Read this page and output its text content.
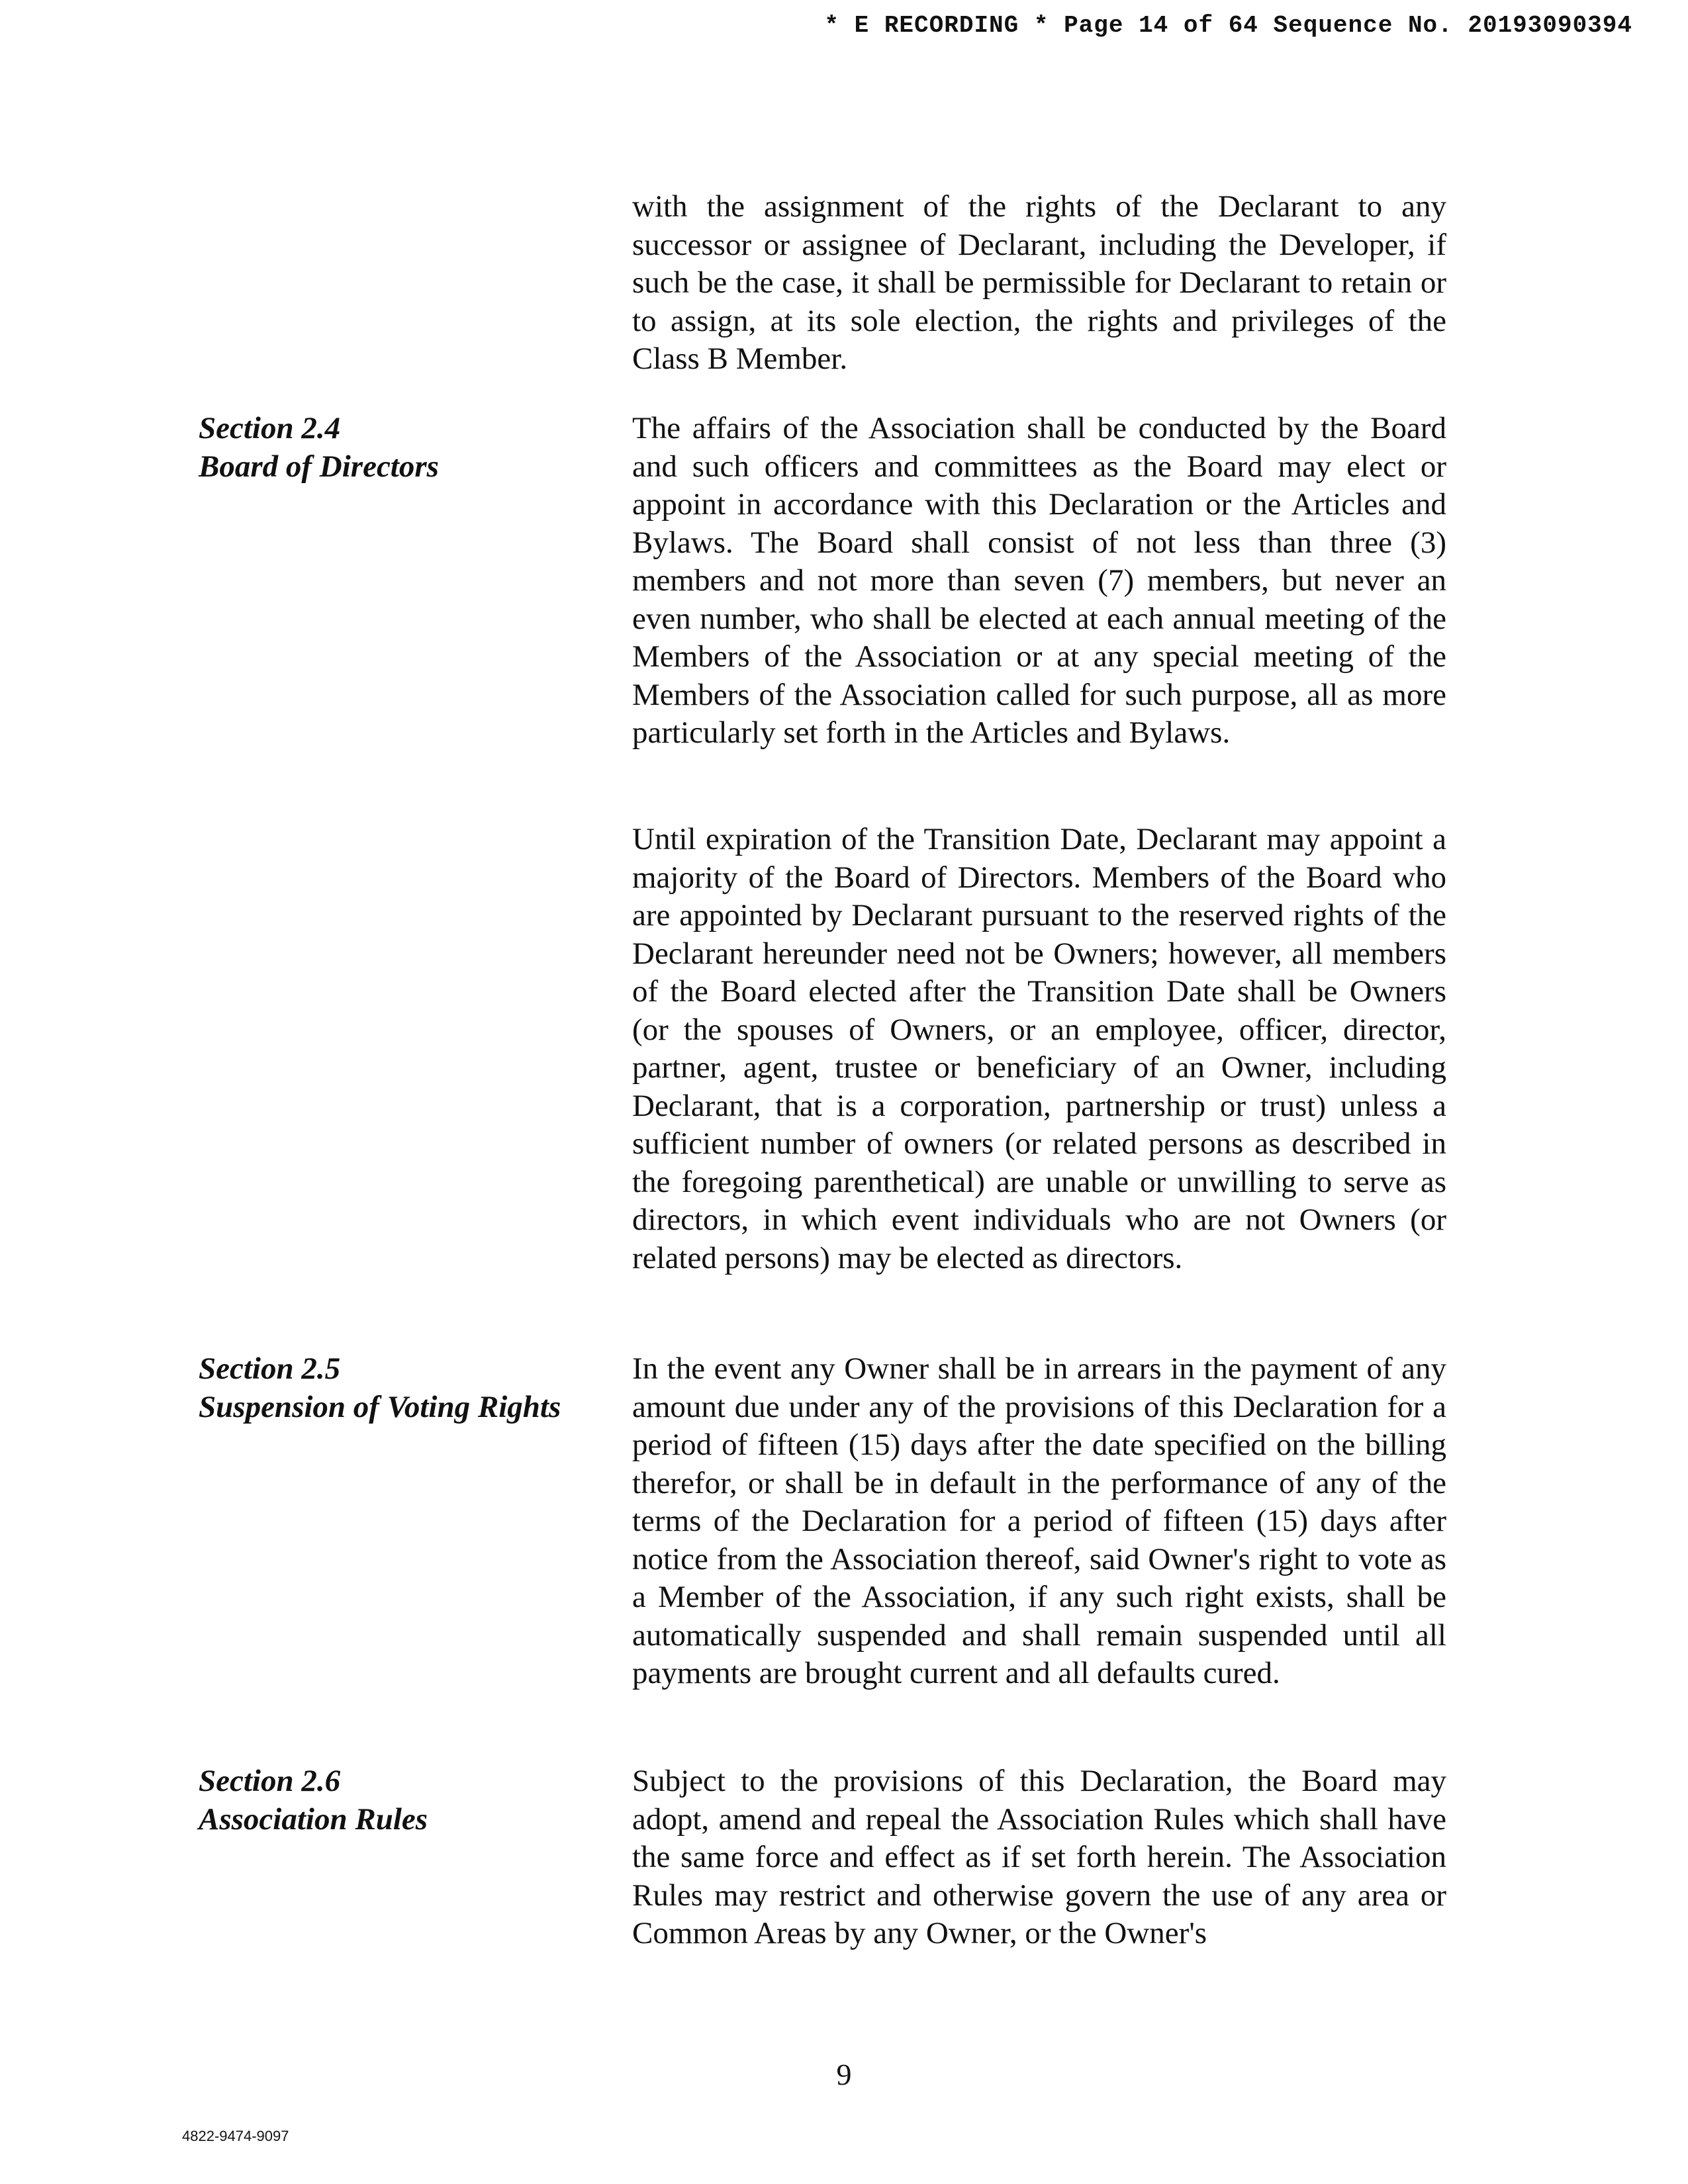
* E RECORDING * Page 14 of 64 Sequence No. 20193090394

with the assignment of the rights of the Declarant to any successor or assignee of Declarant, including the Developer, if such be the case, it shall be permissible for Declarant to retain or to assign, at its sole election, the rights and privileges of the Class B Member.

Section 2.4
Board of Directors

The affairs of the Association shall be conducted by the Board and such officers and committees as the Board may elect or appoint in accordance with this Declaration or the Articles and Bylaws. The Board shall consist of not less than three (3) members and not more than seven (7) members, but never an even number, who shall be elected at each annual meeting of the Members of the Association or at any special meeting of the Members of the Association called for such purpose, all as more particularly set forth in the Articles and Bylaws.

Until expiration of the Transition Date, Declarant may appoint a majority of the Board of Directors. Members of the Board who are appointed by Declarant pursuant to the reserved rights of the Declarant hereunder need not be Owners; however, all members of the Board elected after the Transition Date shall be Owners (or the spouses of Owners, or an employee, officer, director, partner, agent, trustee or beneficiary of an Owner, including Declarant, that is a corporation, partnership or trust) unless a sufficient number of owners (or related persons as described in the foregoing parenthetical) are unable or unwilling to serve as directors, in which event individuals who are not Owners (or related persons) may be elected as directors.

Section 2.5
Suspension of Voting Rights

In the event any Owner shall be in arrears in the payment of any amount due under any of the provisions of this Declaration for a period of fifteen (15) days after the date specified on the billing therefor, or shall be in default in the performance of any of the terms of the Declaration for a period of fifteen (15) days after notice from the Association thereof, said Owner's right to vote as a Member of the Association, if any such right exists, shall be automatically suspended and shall remain suspended until all payments are brought current and all defaults cured.

Section 2.6
Association Rules

Subject to the provisions of this Declaration, the Board may adopt, amend and repeal the Association Rules which shall have the same force and effect as if set forth herein. The Association Rules may restrict and otherwise govern the use of any area or Common Areas by any Owner, or the Owner's

9
4822-9474-9097
